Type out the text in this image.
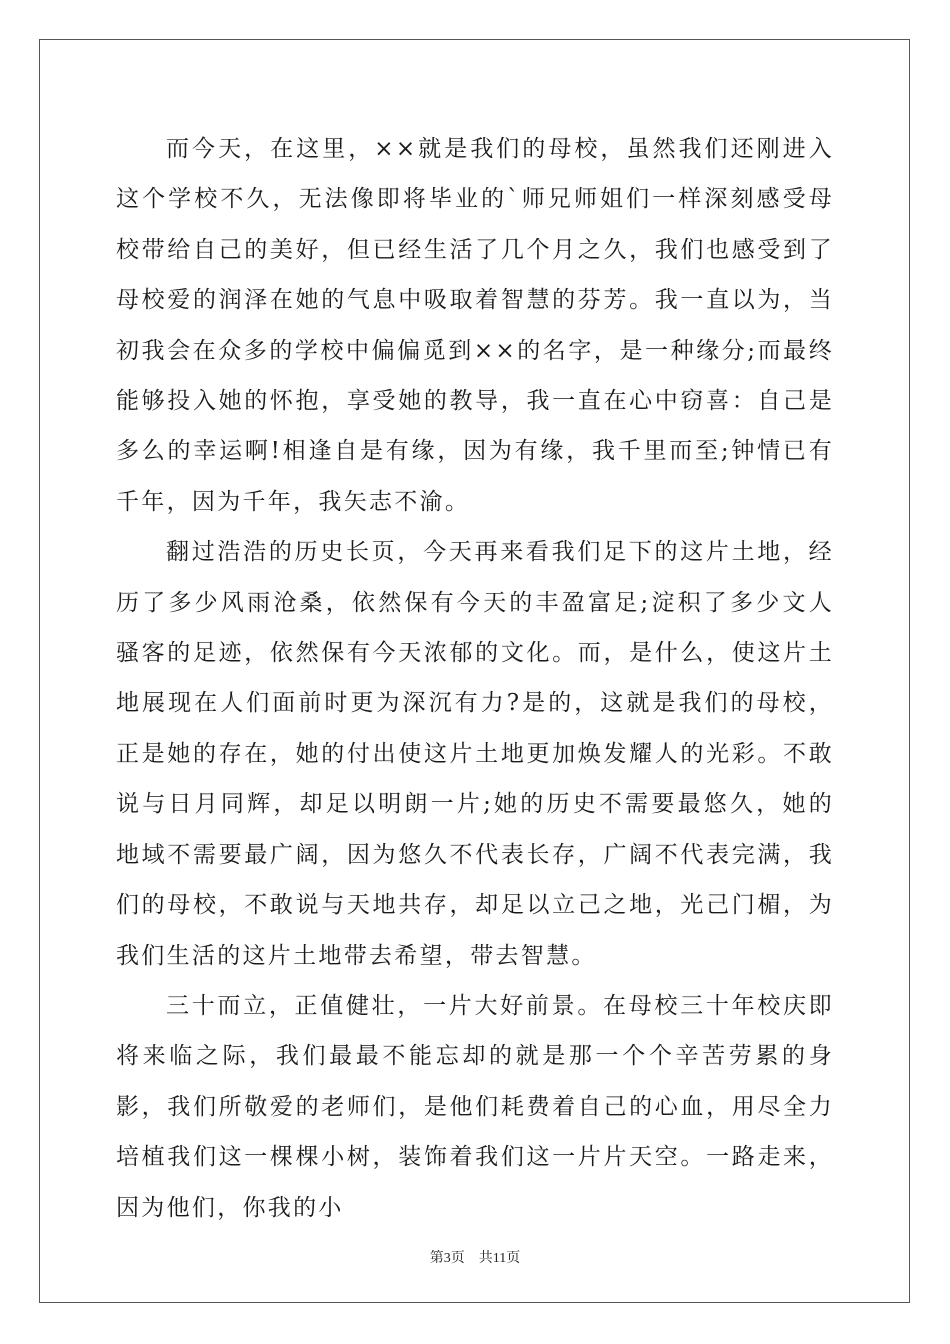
而今天，在这里，××就是我们的母校，虽然我们还刚进入这个学校不久，无法像即将毕业的`师兄师姐们一样深刻感受母校带给自己的美好，但已经生活了几个月之久，我们也感受到了母校爱的润泽在她的气息中吸取着智慧的芬芳。我一直以为，当初我会在众多的学校中偏偏觅到××的名字，是一种缘分;而最终能够投入她的怀抱，享受她的教导，我一直在心中窃喜：自己是多么的幸运啊!相逢自是有缘，因为有缘，我千里而至;钟情已有千年，因为千年，我矢志不渝。

翻过浩浩的历史长页，今天再来看我们足下的这片土地，经历了多少风雨沧桑，依然保有今天的丰盈富足;淀积了多少文人骚客的足迹，依然保有今天浓郁的文化。而，是什么，使这片土地展现在人们面前时更为深沉有力?是的，这就是我们的母校，正是她的存在，她的付出使这片土地更加焕发耀人的光彩。不敢说与日月同辉，却足以明朗一片;她的历史不需要最悠久，她的地域不需要最广阔，因为悠久不代表长存，广阔不代表完满，我们的母校，不敢说与天地共存，却足以立己之地，光己门楣，为我们生活的这片土地带去希望，带去智慧。

三十而立，正值健壮，一片大好前景。在母校三十年校庆即将来临之际，我们最最不能忘却的就是那一个个辛苦劳累的身影，我们所敬爱的老师们，是他们耗费着自己的心血，用尽全力培植我们这一棵棵小树，装饰着我们这一片片天空。一路走来，因为他们，你我的小

第3页　共11页
